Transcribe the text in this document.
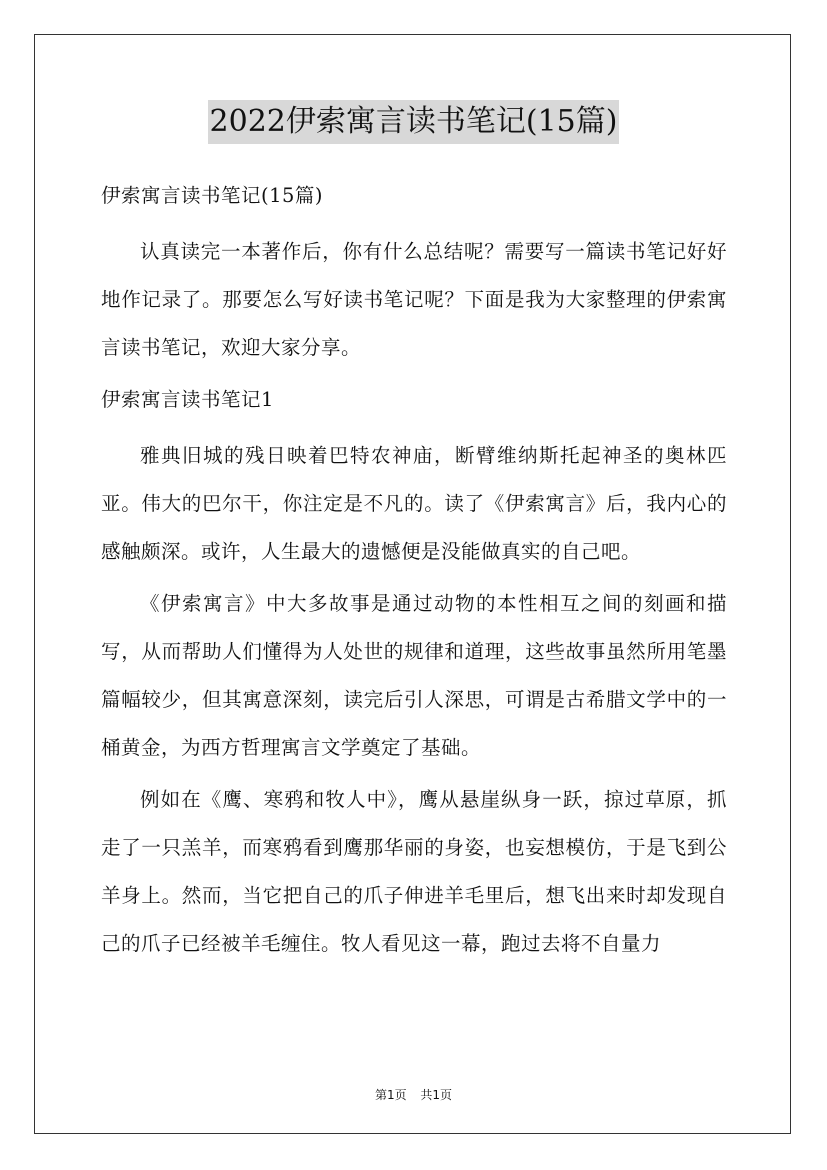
2022伊索寓言读书笔记(15篇)

伊索寓言读书笔记(15篇)

认真读完一本著作后，你有什么总结呢？需要写一篇读书笔记好好地作记录了。那要怎么写好读书笔记呢？下面是我为大家整理的伊索寓言读书笔记，欢迎大家分享。

伊索寓言读书笔记1

雅典旧城的残日映着巴特农神庙，断臂维纳斯托起神圣的奥林匹亚。伟大的巴尔干，你注定是不凡的。读了《伊索寓言》后，我内心的感触颇深。或许，人生最大的遗憾便是没能做真实的自己吧。

《伊索寓言》中大多故事是通过动物的本性相互之间的刻画和描写，从而帮助人们懂得为人处世的规律和道理，这些故事虽然所用笔墨篇幅较少，但其寓意深刻，读完后引人深思，可谓是古希腊文学中的一桶黄金，为西方哲理寓言文学奠定了基础。

例如在《鹰、寒鸦和牧人中》，鹰从悬崖纵身一跃，掠过草原，抓走了一只羔羊，而寒鸦看到鹰那华丽的身姿，也妄想模仿，于是飞到公羊身上。然而，当它把自己的爪子伸进羊毛里后，想飞出来时却发现自己的爪子已经被羊毛缠住。牧人看见这一幕，跑过去将不自量力

第1页 共1页
